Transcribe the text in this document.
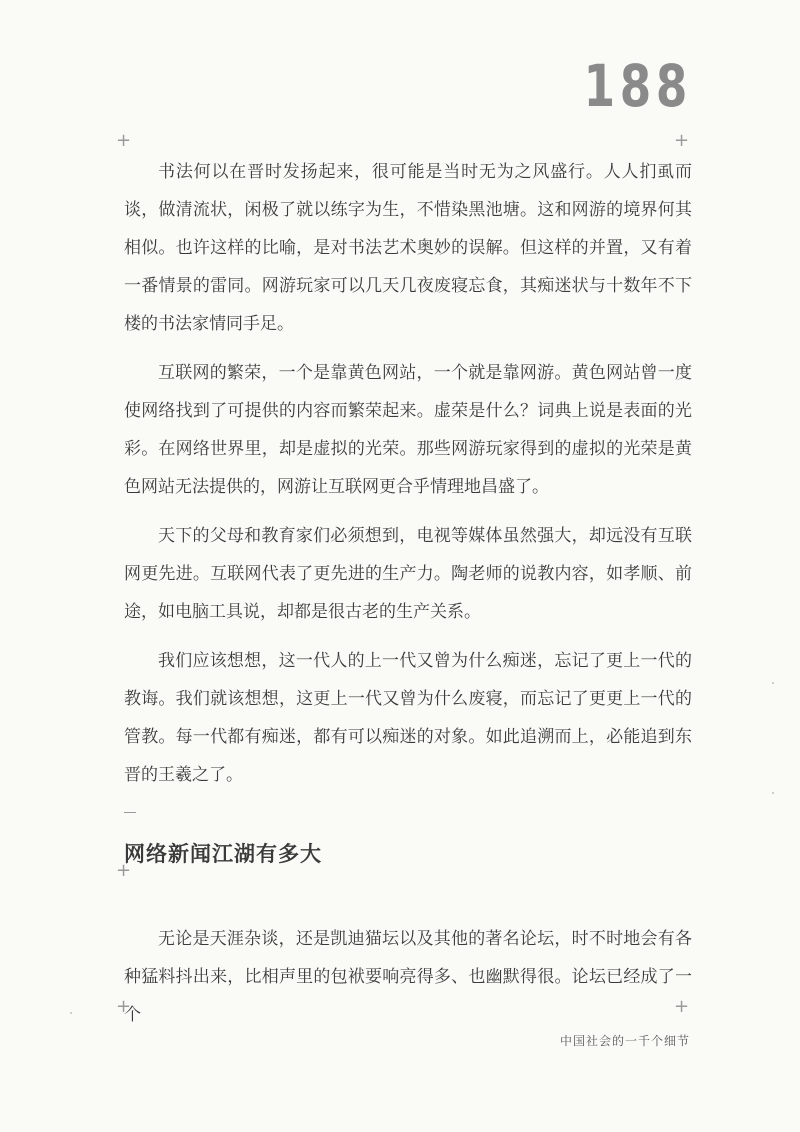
188
+	+
+
+	+

书法何以在晋时发扬起来，很可能是当时无为之风盛行。人人扪虱而谈，做清流状，闲极了就以练字为生，不惜染黑池塘。这和网游的境界何其相似。也许这样的比喻，是对书法艺术奥妙的误解。但这样的并置，又有着一番情景的雷同。网游玩家可以几天几夜废寝忘食，其痴迷状与十数年不下楼的书法家情同手足。

互联网的繁荣，一个是靠黄色网站，一个就是靠网游。黄色网站曾一度使网络找到了可提供的内容而繁荣起来。虚荣是什么？词典上说是表面的光彩。在网络世界里，却是虚拟的光荣。那些网游玩家得到的虚拟的光荣是黄色网站无法提供的，网游让互联网更合乎情理地昌盛了。

天下的父母和教育家们必须想到，电视等媒体虽然强大，却远没有互联网更先进。互联网代表了更先进的生产力。陶老师的说教内容，如孝顺、前途，如电脑工具说，却都是很古老的生产关系。

我们应该想想，这一代人的上一代又曾为什么痴迷，忘记了更上一代的教诲。我们就该想想，这更上一代又曾为什么废寝，而忘记了更更上一代的管教。每一代都有痴迷，都有可以痴迷的对象。如此追溯而上，必能追到东晋的王羲之了。

网络新闻江湖有多大

无论是天涯杂谈，还是凯迪猫坛以及其他的著名论坛，时不时地会有各种猛料抖出来，比相声里的包袱要响亮得多、也幽默得很。论坛已经成了一个

中国社会的一千个细节
